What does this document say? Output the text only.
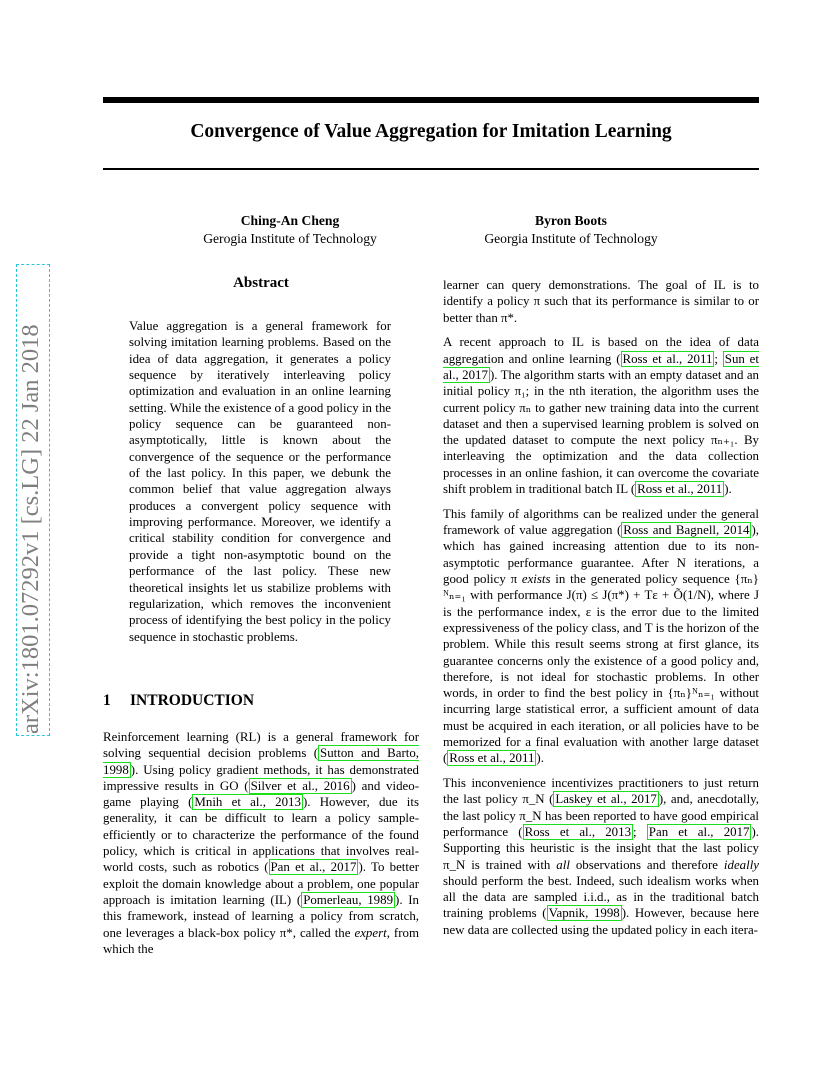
Convergence of Value Aggregation for Imitation Learning
Ching-An Cheng
Gerogia Institute of Technology
Byron Boots
Georgia Institute of Technology
arXiv:1801.07292v1 [cs.LG] 22 Jan 2018
Abstract
Value aggregation is a general framework for solving imitation learning problems. Based on the idea of data aggregation, it generates a policy sequence by iteratively interleaving policy optimization and evaluation in an online learning setting. While the existence of a good policy in the policy sequence can be guaranteed non-asymptotically, little is known about the convergence of the sequence or the performance of the last policy. In this paper, we debunk the common belief that value aggregation always produces a convergent policy sequence with improving performance. Moreover, we identify a critical stability condition for convergence and provide a tight non-asymptotic bound on the performance of the last policy. These new theoretical insights let us stabilize problems with regularization, which removes the inconvenient process of identifying the best policy in the policy sequence in stochastic problems.
1 INTRODUCTION

Reinforcement learning (RL) is a general framework for solving sequential decision problems ( Sutton and Barto, 1998 ). Using policy gradient methods, it has demonstrated impressive results in GO ( Silver et al., 2016 ) and video-game playing ( Mnih et al., 2013 ). However, due its generality, it can be difficult to learn a policy sample-efficiently or to characterize the performance of the found policy, which is critical in applications that involves real-world costs, such as robotics ( Pan et al., 2017 ). To better exploit the domain knowledge about a problem, one popular approach is imitation learning (IL) ( Pomerleau, 1989 ). In this framework, instead of learning a policy from scratch, one leverages a black-box policy π*, called the expert, from which the

learner can query demonstrations. The goal of IL is to identify a policy π such that its performance is similar to or better than π*.

A recent approach to IL is based on the idea of data aggregation and online learning ( Ross et al., 2011 ; Sun et al., 2017 ). The algorithm starts with an empty dataset and an initial policy π₁; in the nth iteration, the algorithm uses the current policy πₙ to gather new training data into the current dataset and then a supervised learning problem is solved on the updated dataset to compute the next policy πₙ₊₁. By interleaving the optimization and the data collection processes in an online fashion, it can overcome the covariate shift problem in traditional batch IL ( Ross et al., 2011 ).

This family of algorithms can be realized under the general framework of value aggregation ( Ross and Bagnell, 2014 ), which has gained increasing attention due to its non-asymptotic performance guarantee. After N iterations, a good policy π exists in the generated policy sequence {πₙ}ᴺₙ₌₁ with performance J(π) ≤ J(π*) + Tε + Õ(1/N), where J is the performance index, ε is the error due to the limited expressiveness of the policy class, and T is the horizon of the problem. While this result seems strong at first glance, its guarantee concerns only the existence of a good policy and, therefore, is not ideal for stochastic problems. In other words, in order to find the best policy in {πₙ}ᴺₙ₌₁ without incurring large statistical error, a sufficient amount of data must be acquired in each iteration, or all policies have to be memorized for a final evaluation with another large dataset ( Ross et al., 2011 ).

This inconvenience incentivizes practitioners to just return the last policy π_N ( Laskey et al., 2017 ), and, anecdotally, the last policy π_N has been reported to have good empirical performance ( Ross et al., 2013 ; Pan et al., 2017 ). Supporting this heuristic is the insight that the last policy π_N is trained with all observations and therefore ideally should perform the best. Indeed, such idealism works when all the data are sampled i.i.d., as in the traditional batch training problems ( Vapnik, 1998 ). However, because here new data are collected using the updated policy in each itera-
